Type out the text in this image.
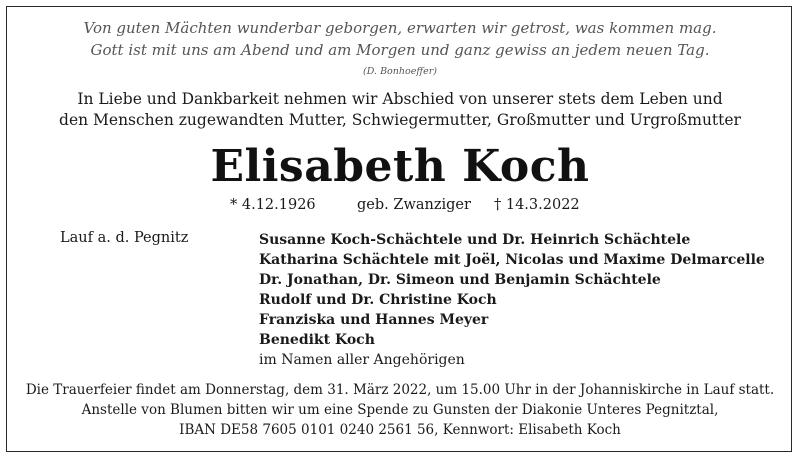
Von guten Mächten wunderbar geborgen, erwarten wir getrost, was kommen mag.
Gott ist mit uns am Abend und am Morgen und ganz gewiss an jedem neuen Tag.
(D. Bonhoeffer)
In Liebe und Dankbarkeit nehmen wir Abschied von unserer stets dem Leben und
den Menschen zugewandten Mutter, Schwiegermutter, Großmutter und Urgroßmutter
Elisabeth Koch
* 4.12.1926	geb. Zwanziger † 14.3.2022
Lauf a. d. Pegnitz	Susanne Koch-Schächtele und Dr. Heinrich Schächtele
Katharina Schächtele mit Joël, Nicolas und Maxime Delmarcelle
Dr. Jonathan, Dr. Simeon und Benjamin Schächtele
Rudolf und Dr. Christine Koch
Franziska und Hannes Meyer
Benedikt Koch
im Namen aller Angehörigen
Die Trauerfeier findet am Donnerstag, dem 31. März 2022, um 15.00 Uhr in der Johanniskirche in Lauf statt.
Anstelle von Blumen bitten wir um eine Spende zu Gunsten der Diakonie Unteres Pegnitztal,
IBAN DE58 7605 0101 0240 2561 56, Kennwort: Elisabeth Koch
